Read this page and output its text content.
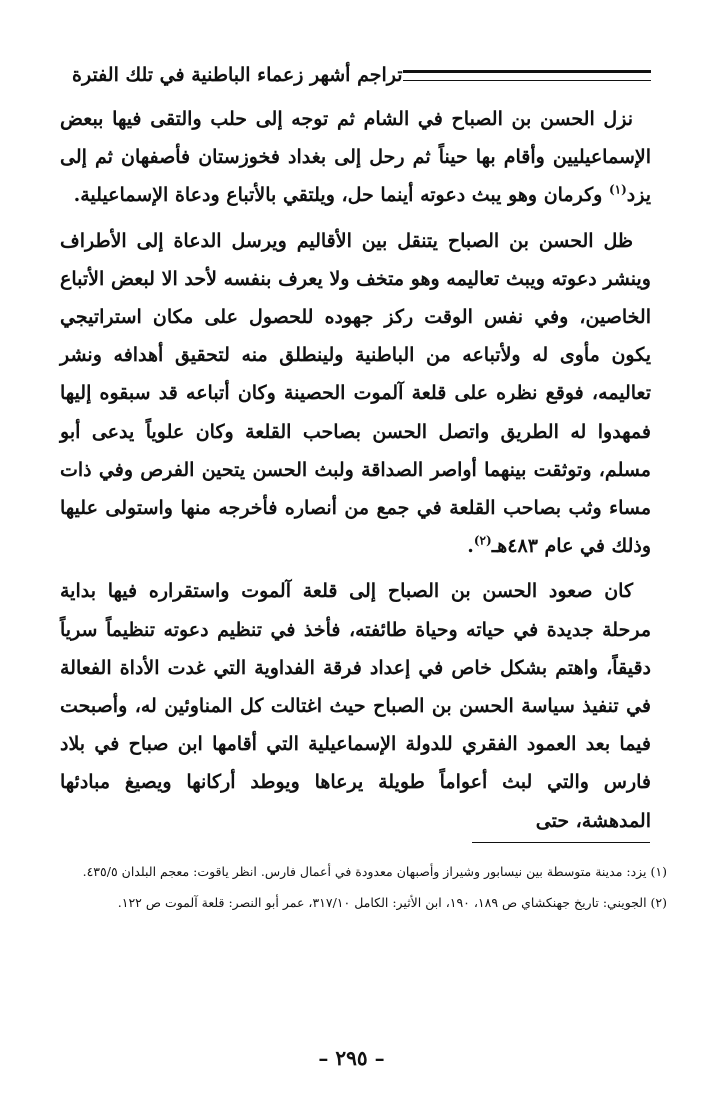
تراجم أشهر زعماء الباطنية في تلك الفترة

نزل الحسن بن الصباح في الشام ثم توجه إلى حلب والتقى فيها ببعض الإسماعيليين وأقام بها حيناً ثم رحل إلى بغداد فخوزستان فأصفهان ثم إلى يزد$^{(١)}$ وكرمان وهو يبث دعوته أينما حل، ويلتقي بالأتباع ودعاة الإسماعيلية.

ظل الحسن بن الصباح يتنقل بين الأقاليم ويرسل الدعاة إلى الأطراف وينشر دعوته ويبث تعاليمه وهو متخف ولا يعرف بنفسه لأحد الا لبعض الأتباع الخاصين، وفي نفس الوقت ركز جهوده للحصول على مكان استراتيجي يكون مأوى له ولأتباعه من الباطنية ولينطلق منه لتحقيق أهدافه ونشر تعاليمه، فوقع نظره على قلعة آلموت الحصينة وكان أتباعه قد سبقوه إليها فمهدوا له الطريق واتصل الحسن بصاحب القلعة وكان علوياً يدعى أبو مسلم، وتوثقت بينهما أواصر الصداقة ولبث الحسن يتحين الفرص وفي ذات مساء وثب بصاحب القلعة في جمع من أنصاره فأخرجه منها واستولى عليها وذلك في عام ٤٨٣هـ$^{(٢)}$.

كان صعود الحسن بن الصباح إلى قلعة آلموت واستقراره فيها بداية مرحلة جديدة في حياته وحياة طائفته، فأخذ في تنظيم دعوته تنظيماً سرياً دقيقاً، واهتم بشكل خاص في إعداد فرقة الفداوية التي غدت الأداة الفعالة في تنفيذ سياسة الحسن بن الصباح حيث اغتالت كل المناوئين له، وأصبحت فيما بعد العمود الفقري للدولة الإسماعيلية التي أقامها ابن صباح في بلاد فارس والتي لبث أعواماً طويلة يرعاها ويوطد أركانها ويصيغ مبادئها المدهشة، حتى

(١) يزد: مدينة متوسطة بين نيسابور وشيراز وأصبهان معدودة في أعمال فارس. انظر ياقوت: معجم البلدان ٤٣٥/٥.

(٢) الجويني: تاريخ جهنكشاي ص ١٨٩، ١٩٠، ابن الأثير: الكامل ٣١٧/١٠، عمر أبو النصر: قلعة آلموت ص ١٢٢.

– ٢٩٥ –
